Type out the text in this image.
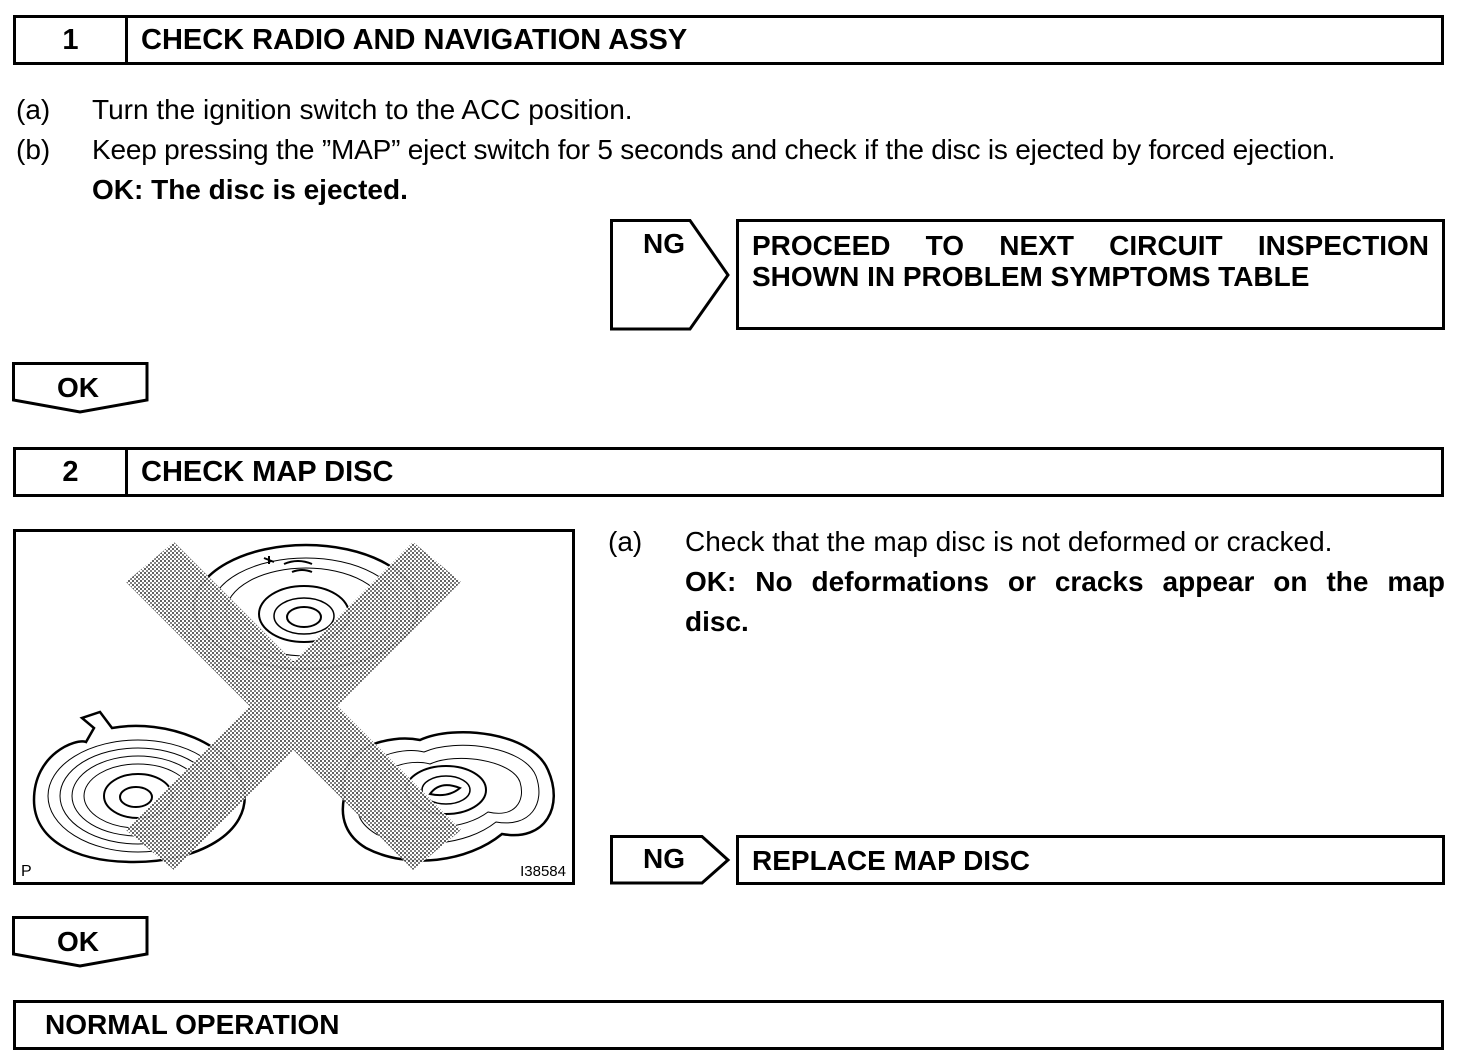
1	CHECK RADIO AND NAVIGATION ASSY
(a) Turn the ignition switch to the ACC position.
(b) Keep pressing the ”MAP” eject switch for 5 seconds and check if the disc is ejected by forced ejection.
OK: The disc is ejected.
NG	PROCEED TO NEXT CIRCUIT INSPECTION
SHOWN IN PROBLEM SYMPTOMS TABLE
OK
2	CHECK MAP DISC
P	I38584
(a) Check that the map disc is not deformed or cracked.
OK: No deformations or cracks appear on the map
disc.
NG	REPLACE MAP DISC
OK
NORMAL OPERATION
